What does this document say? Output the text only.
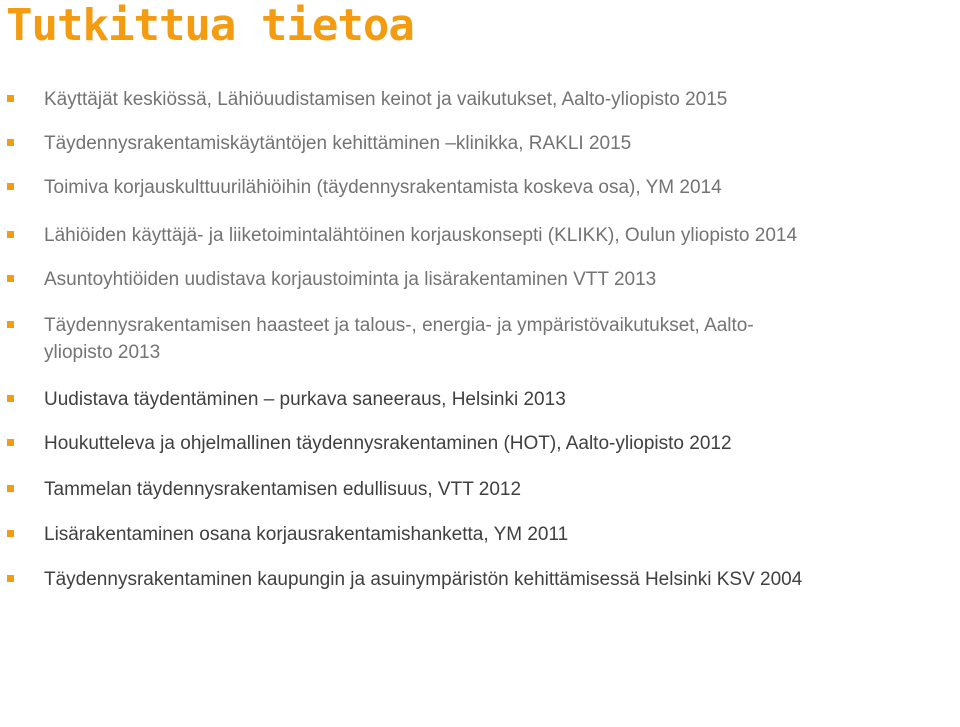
Tutkittua tietoa
Käyttäjät keskiössä, Lähiöuudistamisen keinot ja vaikutukset, Aalto-yliopisto 2015
Täydennysrakentamiskäytäntöjen kehittäminen –klinikka, RAKLI 2015
Toimiva korjauskulttuurilähiöihin (täydennysrakentamista koskeva osa), YM 2014
Lähiöiden käyttäjä- ja liiketoimintalähtöinen korjauskonsepti (KLIKK), Oulun yliopisto 2014
Asuntoyhtiöiden uudistava korjaustoiminta ja lisärakentaminen VTT 2013
Täydennysrakentamisen haasteet ja talous-, energia- ja ympäristövaikutukset, Aalto-
yliopisto 2013
Uudistava täydentäminen – purkava saneeraus, Helsinki 2013
Houkutteleva ja ohjelmallinen täydennysrakentaminen (HOT), Aalto-yliopisto 2012
Tammelan täydennysrakentamisen edullisuus, VTT 2012
Lisärakentaminen osana korjausrakentamishanketta, YM 2011
Täydennysrakentaminen kaupungin ja asuinympäristön kehittämisessä Helsinki KSV 2004
